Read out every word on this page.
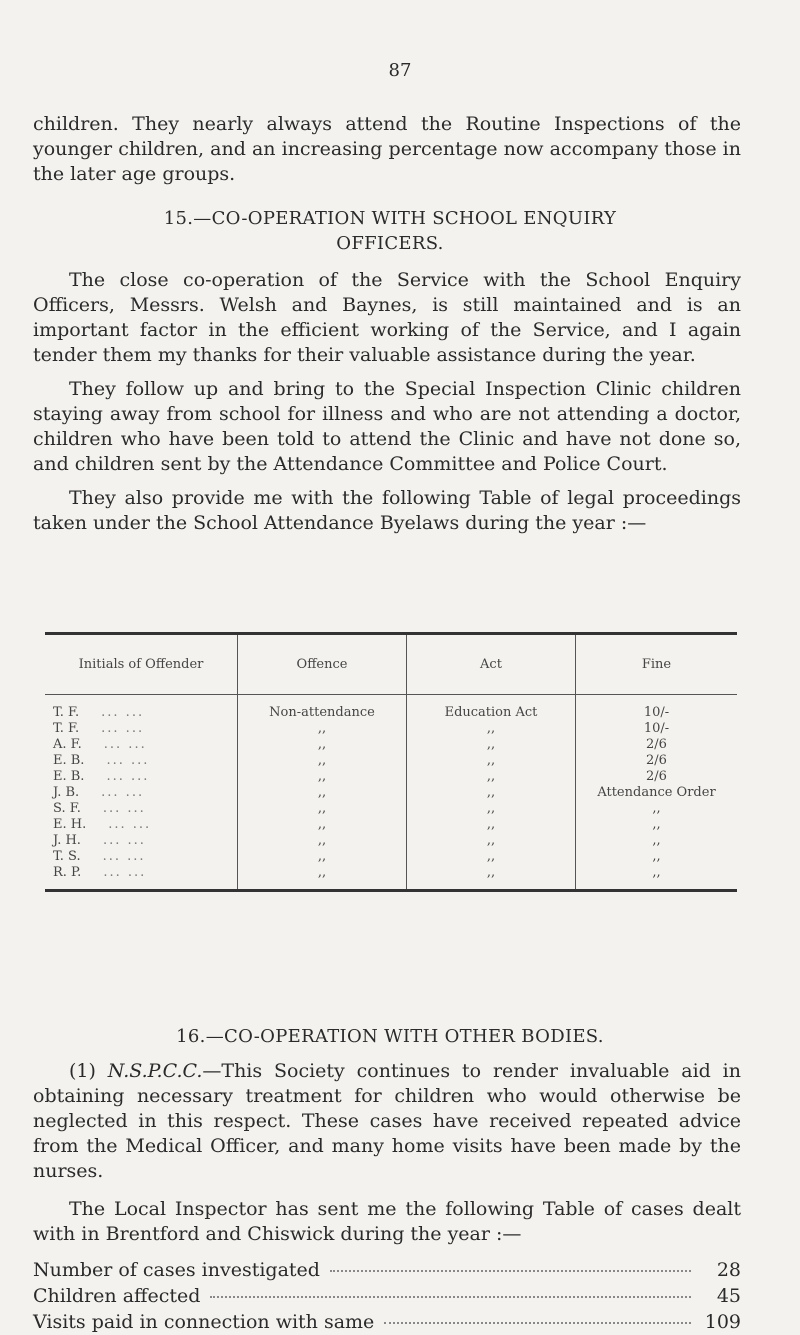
87

children. They nearly always attend the Routine Inspections of the younger children, and an increasing percentage now accompany those in the later age groups.

15.—CO-OPERATION WITH SCHOOL ENQUIRY
OFFICERS.

The close co-operation of the Service with the School Enquiry Officers, Messrs. Welsh and Baynes, is still maintained and is an important factor in the efficient working of the Service, and I again tender them my thanks for their valuable assistance during the year.

They follow up and bring to the Special Inspection Clinic children staying away from school for illness and who are not attending a doctor, children who have been told to attend the Clinic and have not done so, and children sent by the Attendance Committee and Police Court.

They also provide me with the following Table of legal proceedings taken under the School Attendance Byelaws during the year :—

Initials of Offender	Offence	Act	Fine
T. F. ... ...	Non-attendance	Education Act	10/-
T. F. ... ...	,,	,,	10/-
A. F. ... ...	,,	,,	2/6
E. B. ... ...	,,	,,	2/6
E. B. ... ...	,,	,,	2/6
J. B. ... ...	,,	,,	Attendance Order
S. F. ... ...	,,	,,	,,
E. H. ... ...	,,	,,	,,
J. H. ... ...	,,	,,	,,
T. S. ... ...	,,	,,	,,
R. P. ... ...	,,	,,	,,
16.—CO-OPERATION WITH OTHER BODIES.

(1) N.S.P.C.C.—This Society continues to render invaluable aid in obtaining necessary treatment for children who would otherwise be neglected in this respect. These cases have received repeated advice from the Medical Officer, and many home visits have been made by the nurses.

The Local Inspector has sent me the following Table of cases dealt with in Brentford and Chiswick during the year :—

Number of cases investigated	28
Children affected	45
Visits paid in connection with same	109
